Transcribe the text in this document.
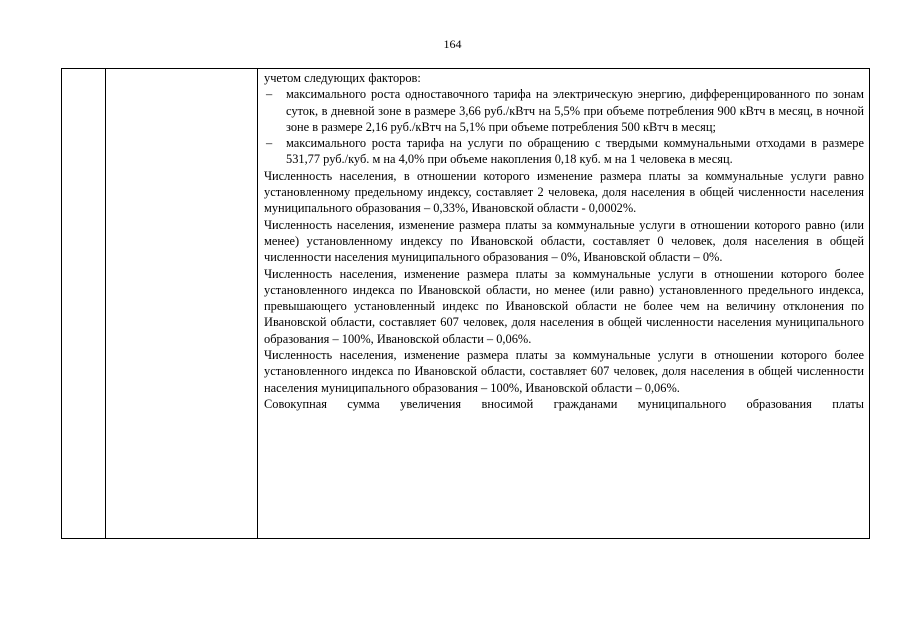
164

учетом следующих факторов:

– максимального роста одноставочного тарифа на электрическую энергию, дифференцированного по зонам суток, в дневной зоне в размере 3,66 руб./кВтч на 5,5% при объеме потребления 900 кВтч в месяц, в ночной зоне в размере 2,16 руб./кВтч на 5,1% при объеме потребления 500 кВтч в месяц;

– максимального роста тарифа на услуги по обращению с твердыми коммунальными отходами в размере 531,77 руб./куб. м на 4,0% при объеме накопления 0,18 куб. м на 1 человека в месяц.

Численность населения, в отношении которого изменение размера платы за коммунальные услуги равно установленному предельному индексу, составляет 2 человека, доля населения в общей численности населения муниципального образования – 0,33%, Ивановской области - 0,0002%.

Численность населения, изменение размера платы за коммунальные услуги в отношении которого равно (или менее) установленному индексу по Ивановской области, составляет 0 человек, доля населения в общей численности населения муниципального образования – 0%, Ивановской области – 0%.

Численность населения, изменение размера платы за коммунальные услуги в отношении которого более установленного индекса по Ивановской области, но менее (или равно) установленного предельного индекса, превышающего установленный индекс по Ивановской области не более чем на величину отклонения по Ивановской области, составляет 607 человек, доля населения в общей численности населения муниципального образования – 100%, Ивановской области – 0,06%.

Численность населения, изменение размера платы за коммунальные услуги в отношении которого более установленного индекса по Ивановской области, составляет 607 человек, доля населения в общей численности населения муниципального образования – 100%, Ивановской области – 0,06%.

Совокупная сумма увеличения вносимой гражданами муниципального образования платы
